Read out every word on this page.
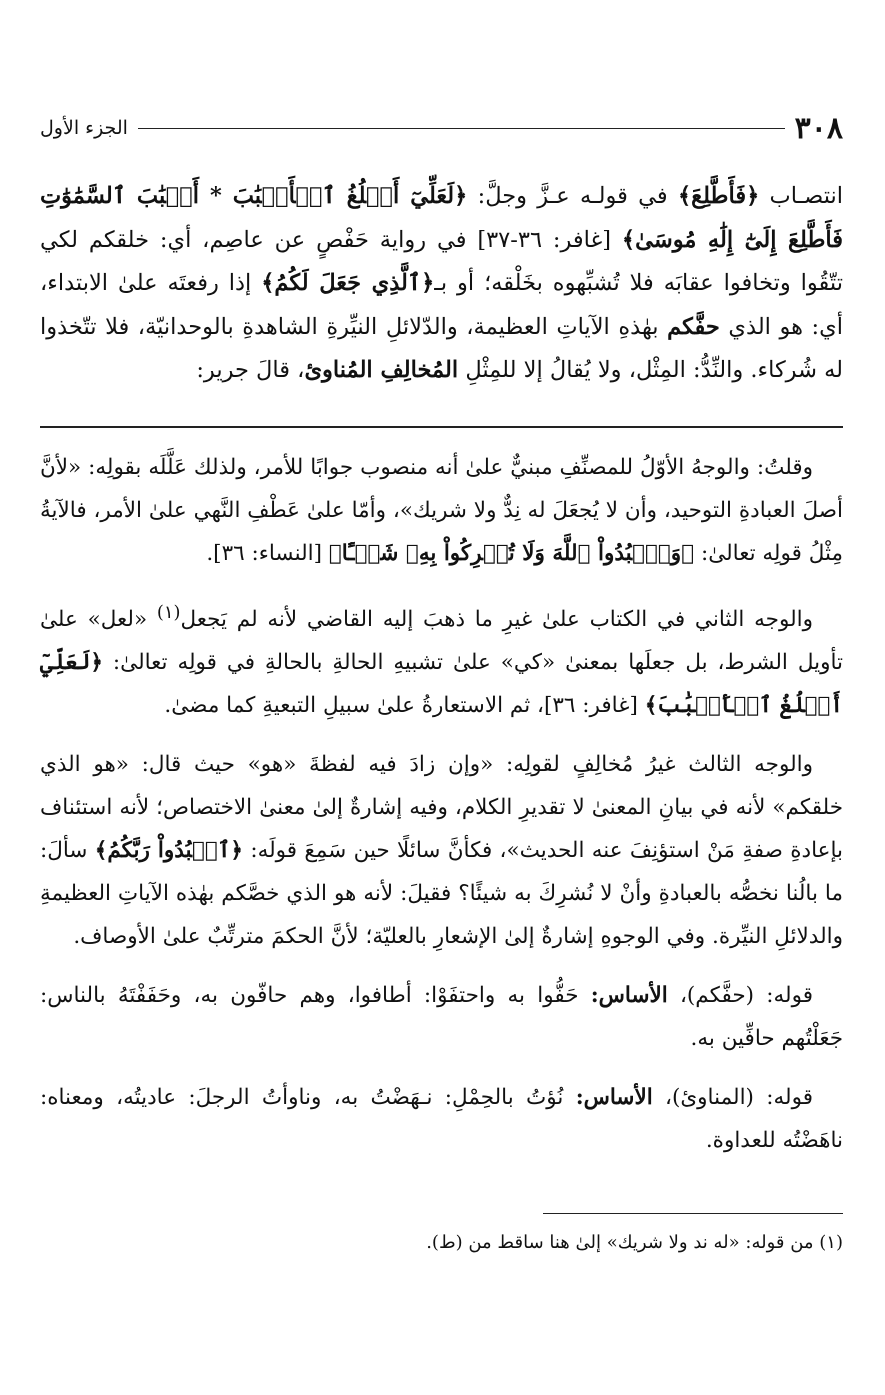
الجزء الأول	٣٠٨

انتصـاب ﴿فَأَطَّلِعَ﴾ في قولـه عـزَّ وجلَّ: ﴿لَعَلِّيٓ أَبۡلُغُ ٱلۡأَسۡبَٰبَ * أَسۡبَٰبَ ٱلسَّمَٰوَٰتِ فَأَطَّلِعَ إِلَىٰٓ إِلَٰهِ مُوسَىٰ﴾ [غافر: ٣٦-٣٧] في رواية حَفْصٍ عن عاصِم، أي: خلقكم لكي تتّقُوا وتخافوا عقابَه فلا تُشبِّهوه بخَلْقه؛ أو بـ﴿ٱلَّذِي جَعَلَ لَكُمُ﴾ إذا رفعتَه علىٰ الابتداء، أي: هو الذي حفَّكم بهٰذهِ الآياتِ العظيمة، والدّلائلِ النيِّرةِ الشاهدةِ بالوحدانيّة، فلا تتّخذوا له شُركاء. والنِّدُّ: المِثْل، ولا يُقالُ إلا للمِثْلِ المُخالِفِ المُناوئ، قالَ جرير:

وقلتُ: والوجهُ الأوّلُ للمصنِّفِ مبنيٌّ علىٰ أنه منصوب جوابًا للأمر، ولذلك عَلَّلَه بقولِه: «لأنَّ أصلَ العبادةِ التوحيد، وأن لا يُجعَلَ له نِدٌّ ولا شريك»، وأمّا علىٰ عَطْفِ النَّهي علىٰ الأمر، فالآيةُ مِثْلُ قولِه تعالىٰ: ﴿وَٱعۡبُدُواْ ٱللَّهَ وَلَا تُشۡرِكُواْ بِهِۦ شَيۡـًٔا﴾ [النساء: ٣٦].

والوجه الثاني في الكتاب علىٰ غيرِ ما ذهبَ إليه القاضي لأنه لم يَجعل$^{(١)}$ «لعل» علىٰ تأويل الشرط، بل جعلَها بمعنىٰ «كي» علىٰ تشبيهِ الحالةِ بالحالةِ في قولِه تعالىٰ: ﴿لَعَلِّيٓ أَبۡلُغُ ٱلۡأَسۡبَٰبَ﴾ [غافر: ٣٦]، ثم الاستعارةُ علىٰ سبيلِ التبعيةِ كما مضىٰ.

والوجه الثالث غيرُ مُخالِفٍ لقولِه: «وإن زادَ فيه لفظةَ «هو» حيث قال: «هو الذي خلقكم» لأنه في بيانِ المعنىٰ لا تقديرِ الكلام، وفيه إشارةٌ إلىٰ معنىٰ الاختصاص؛ لأنه استئناف بإعادةِ صفةِ مَنْ استؤنِفَ عنه الحديث»، فكأنَّ سائلًا حين سَمِعَ قولَه: ﴿ٱعۡبُدُواْ رَبَّكُمُ﴾ سألَ: ما بالُنا نخصُّه بالعبادةِ وأنْ لا نُشرِكَ به شيئًا؟ فقيلَ: لأنه هو الذي خصَّكم بهٰذه الآياتِ العظيمةِ والدلائلِ النيِّرة. وفي الوجوهِ إشارةٌ إلىٰ الإشعارِ بالعليّة؛ لأنَّ الحكمَ مترتِّبٌ علىٰ الأوصاف.

قوله: (حفَّكم)، الأساس: حَفُّوا به واحتفَوْا: أطافوا، وهم حافّون به، وحَفَفْتَهُ بالناس: جَعَلْتُهم حافِّين به.

قوله: (المناوئ)، الأساس: نُؤتُ بالحِمْلِ: نـهَضْتُ به، وناوأتُ الرجلَ: عاديتُه، ومعناه: ناهَضْتُه للعداوة.

(١) من قوله: «له ند ولا شريك» إلىٰ هنا ساقط من (ط).
